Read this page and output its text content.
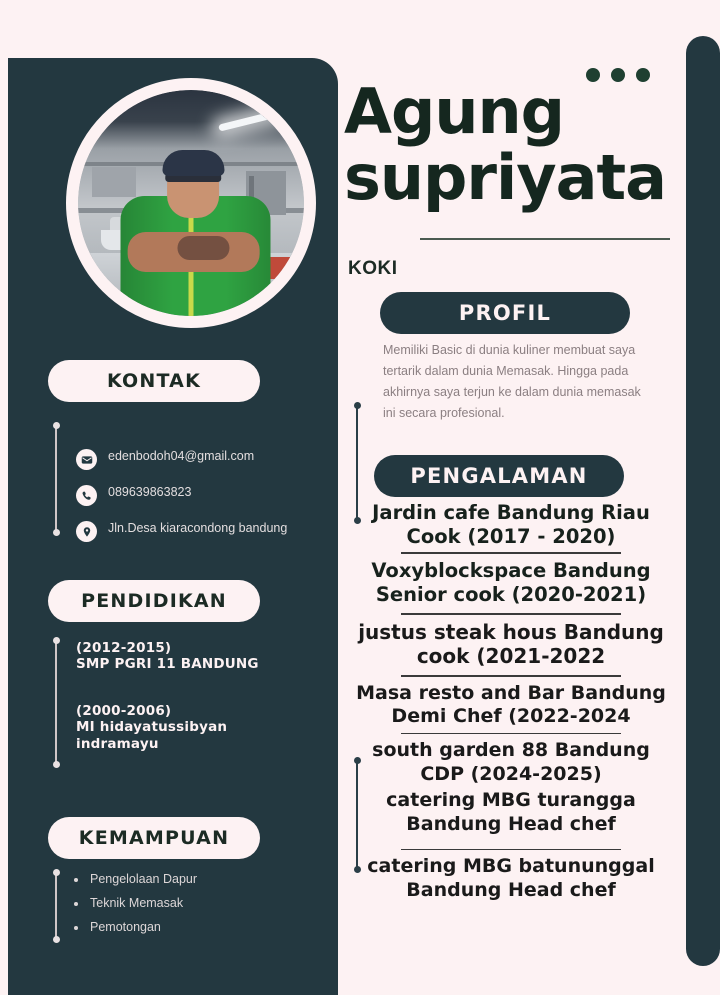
Agung
supriyata
KOKI
PROFIL
Memiliki Basic di dunia kuliner membuat saya tertarik dalam dunia Memasak. Hingga pada akhirnya saya terjun ke dalam dunia memasak ini secara profesional.
PENGALAMAN
Jardin cafe Bandung Riau
Cook (2017 - 2020)
Voxyblockspace Bandung
Senior cook (2020-2021)
justus steak hous Bandung
cook (2021-2022
Masa resto and Bar Bandung
Demi Chef (2022-2024
south garden 88 Bandung
CDP (2024-2025)
catering MBG turangga
Bandung Head chef
catering MBG batununggal
Bandung Head chef
KONTAK
edenbodoh04@gmail.com
089639863823
Jln.Desa kiaracondong bandung
PENDIDIKAN
(2012-2015)
SMP PGRI 11 BANDUNG
(2000-2006)
MI hidayatussibyan indramayu
KEMAMPUAN
Pengelolaan Dapur
Teknik Memasak
Pemotongan
